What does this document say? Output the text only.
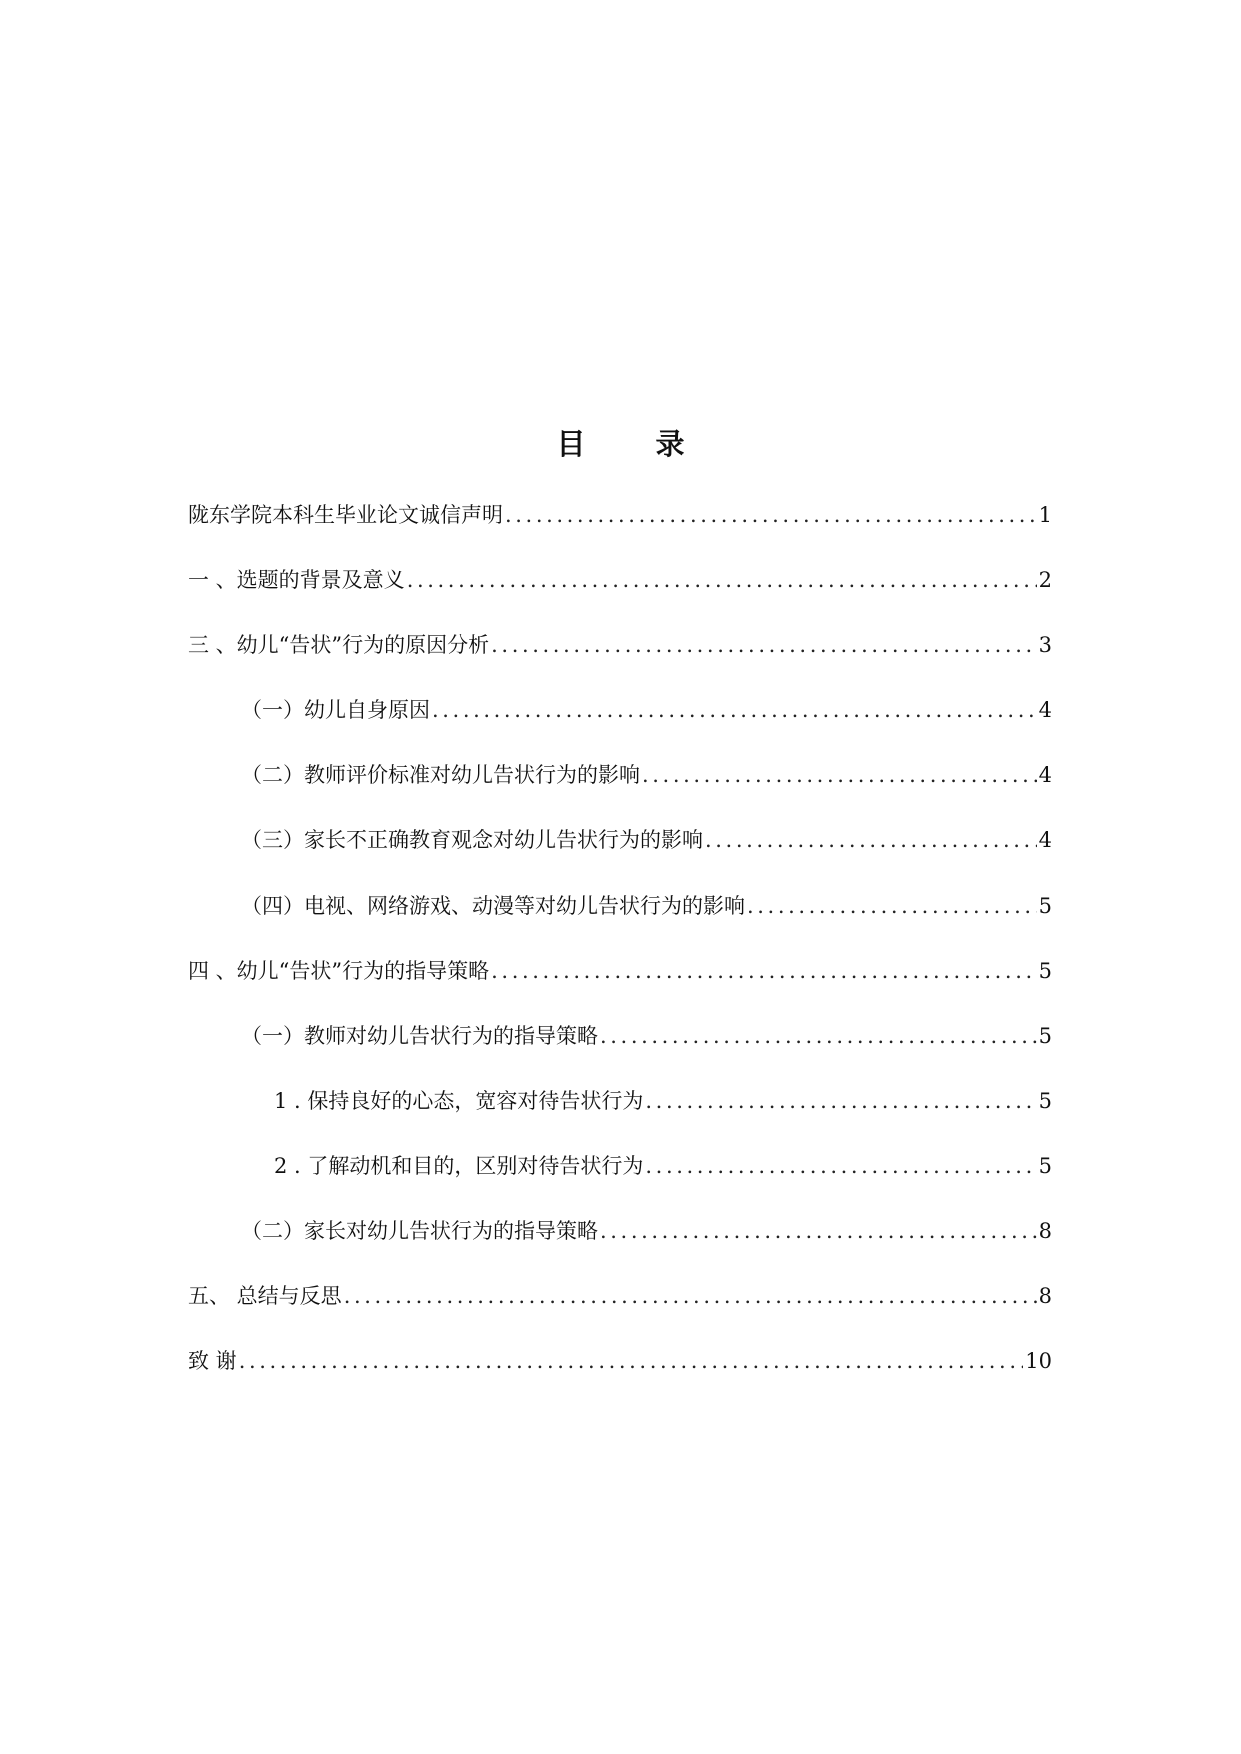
目 录
陇东学院本科生毕业论文诚信声明 .....	1
一 、选题的背景及意义 .....	2
三 、幼儿“告状”行为的原因分析 .....	3
（一）幼儿自身原因 .....	4
（二）教师评价标准对幼儿告状行为的影响 .....	4
（三）家长不正确教育观念对幼儿告状行为的影响 .....	4
（四）电视、网络游戏、动漫等对幼儿告状行为的影响 .....	5
四 、幼儿“告状”行为的指导策略 .....	5
（一）教师对幼儿告状行为的指导策略 .....	5
1 . 保持良好的心态，宽容对待告状行为 .....	5
2 . 了解动机和目的，区别对待告状行为 .....	5
（二）家长对幼儿告状行为的指导策略 .....	8
五、 总结与反思 .....	8
致 谢 .....	10
